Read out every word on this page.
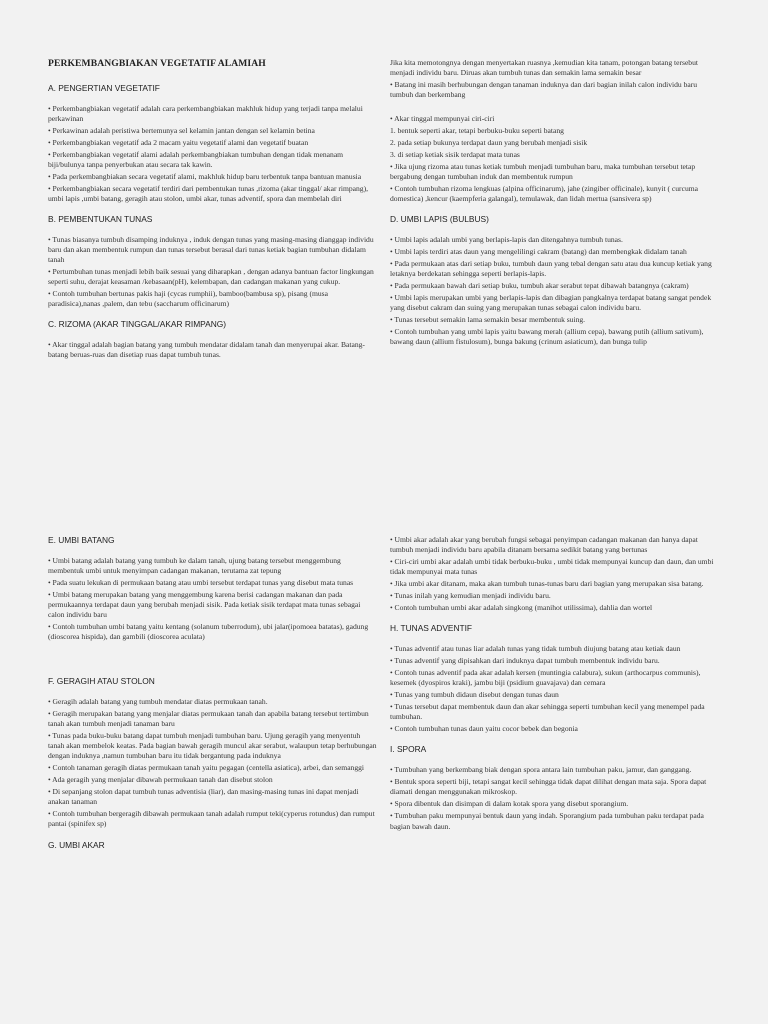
PERKEMBANGBIAKAN VEGETATIF ALAMIAH
A. PENGERTIAN VEGETATIF

• Perkembangbiakan vegetatif adalah cara perkembangbiakan makhluk hidup yang terjadi tanpa melalui perkawinan

• Perkawinan adalah peristiwa bertemunya sel kelamin jantan dengan sel kelamin betina

• Perkembangbiakan vegetatif ada 2 macam yaitu vegetatif alami dan vegetatif buatan

• Perkembangbiakan vegetatif alami adalah perkembangbiakan tumbuhan dengan tidak menanam biji/bulunya tanpa penyerbukan atau secara tak kawin.

• Pada perkembangbiakan secara vegetatif alami, makhluk hidup baru terbentuk tanpa bantuan manusia

• Perkembangbiakan secara vegetatif terdiri dari pembentukan tunas ,rizoma (akar tinggal/ akar rimpang), umbi lapis ,umbi batang, geragih atau stolon, umbi akar, tunas adventif, spora dan membelah diri

B. PEMBENTUKAN TUNAS

• Tunas biasanya tumbuh disamping induknya , induk dengan tunas yang masing-masing dianggap individu baru dan akan membentuk rumpun dan tunas tersebut berasal dari tunas ketiak bagian tumbuhan didalam tanah

• Pertumbuhan tunas menjadi lebih baik sesuai yang diharapkan , dengan adanya bantuan factor lingkungan seperti suhu, derajat keasaman /kebasaan(pH), kelembapan, dan cadangan makanan yang cukup.

• Contoh tumbuhan bertunas pakis haji (cycas rumphii), bamboo(bambusa sp), pisang (musa paradisica),nanas ,palem, dan tebu (saccharum officinarum)

C. RIZOMA (AKAR TINGGAL/AKAR RIMPANG)

• Akar tinggal adalah bagian batang yang tumbuh mendatar didalam tanah dan menyerupai akar. Batang-batang beruas-ruas dan disetiap ruas dapat tumbuh tunas.

Jika kita memotongnya dengan menyertakan ruasnya ,kemudian kita tanam, potongan batang tersebut menjadi individu baru. Diruas akan tumbuh tunas dan semakin lama semakin besar

• Batang ini masih berhubungan dengan tanaman induknya dan dari bagian inilah calon individu baru tumbuh dan berkembang

• Akar tinggal mempunyai ciri-ciri

1. bentuk seperti akar, tetapi berbuku-buku seperti batang

2. pada setiap bukunya terdapat daun yang berubah menjadi sisik

3. di setiap ketiak sisik terdapat mata tunas

• Jika ujung rizoma atau tunas ketiak tumbuh menjadi tumbuhan baru, maka tumbuhan tersebut tetap bergabung dengan tumbuhan induk dan membentuk rumpun

• Contoh tumbuhan rizoma lengkuas (alpina officinarum), jahe (zingiber officinale), kunyit ( curcuma domestica) ,kencur (kaempferia galangal), temulawak, dan lidah mertua (sansivera sp)

D. UMBI LAPIS (BULBUS)

• Umbi lapis adalah umbi yang berlapis-lapis dan ditengahnya tumbuh tunas.

• Umbi lapis terdiri atas daun yang mengelilingi cakram (batang) dan membengkak didalam tanah

• Pada permukaan atas dari setiap buku, tumbuh daun yang tebal dengan satu atau dua kuncup ketiak yang letaknya berdekatan sehingga seperti berlapis-lapis.

• Pada permukaan bawah dari setiap buku, tumbuh akar serabut tepat dibawah batangnya (cakram)

• Umbi lapis merupakan umbi yang berlapis-lapis dan dibagian pangkalnya terdapat batang sangat pendek yang disebut cakram dan suing yang merupakan tunas sebagai calon individu baru.

• Tunas tersebut semakin lama semakin besar membentuk suing.

• Contoh tumbuhan yang umbi lapis yaitu bawang merah (allium cepa), bawang putih (allium sativum), bawang daun (allium fistulosum), bunga bakung (crinum asiaticum), dan bunga tulip

E. UMBI BATANG

• Umbi batang adalah batang yang tumbuh ke dalam tanah, ujung batang tersebut menggembung membentuk umbi untuk menyimpan cadangan makanan, terutama zat tepung

• Pada suatu lekukan di permukaan batang atau umbi tersebut terdapat tunas yang disebut mata tunas

• Umbi batang merupakan batang yang menggembung karena berisi cadangan makanan dan pada permukaannya terdapat daun yang berubah menjadi sisik. Pada ketiak sisik terdapat mata tunas sebagai calon individu baru

• Contoh tumbuhan umbi batang yaitu kentang (solanum tuberrodum), ubi jalar(ipomoea batatas), gadung (dioscorea hispida), dan gambili (dioscorea aculata)

F. GERAGIH ATAU STOLON

• Geragih adalah batang yang tumbuh mendatar diatas permukaan tanah.

• Geragih merupakan batang yang menjalar diatas permukaan tanah dan apabila batang tersebut tertimbun tanah akan tumbuh menjadi tanaman baru

• Tunas pada buku-buku batang dapat tumbuh menjadi tumbuhan baru. Ujung geragih yang menyentuh tanah akan membelok keatas. Pada bagian bawah geragih muncul akar serabut, walaupun tetap berhubungan dengan induknya ,namun tumbuhan baru itu tidak bergantung pada induknya

• Contoh tanaman geragih diatas permukaan tanah yaitu pegagan (centella asiatica), arbei, dan semanggi

• Ada geragih yang menjalar dibawah permukaan tanah dan disebut stolon

• Di sepanjang stolon dapat tumbuh tunas adventisia (liar), dan masing-masing tunas ini dapat menjadi anakan tanaman

• Contoh tumbuhan bergeragih dibawah permukaan tanah adalah rumput teki(cyperus rotundus) dan rumput pantai (spinifex sp)

G. UMBI AKAR

• Umbi akar adalah akar yang berubah fungsi sebagai penyimpan cadangan makanan dan hanya dapat tumbuh menjadi individu baru apabila ditanam bersama sedikit batang yang bertunas

• Ciri-ciri umbi akar adalah umbi tidak berbuku-buku , umbi tidak mempunyai kuncup dan daun, dan umbi tidak mempunyai mata tunas

• Jika umbi akar ditanam, maka akan tumbuh tunas-tunas baru dari bagian yang merupakan sisa batang.

• Tunas inilah yang kemudian menjadi individu baru.

• Contoh tumbuhan umbi akar adalah singkong (manihot utilissima), dahlia dan wortel

H. TUNAS ADVENTIF

• Tunas adventif atau tunas liar adalah tunas yang tidak tumbuh diujung batang atau ketiak daun

• Tunas adventif yang dipisahkan dari induknya dapat tumbuh membentuk individu baru.

• Contoh tunas adventif pada akar adalah kersen (muntingia calabura), sukun (arthocarpus communis), kesemek (dyospiros kraki), jambu biji (psidium guavajava) dan cemara

• Tunas yang tumbuh didaun disebut dengan tunas daun

• Tunas tersebut dapat membentuk daun dan akar sehingga seperti tumbuhan kecil yang menempel pada tumbuhan.

• Contoh tumbuhan tunas daun yaitu cocor bebek dan begonia

I. SPORA

• Tumbuhan yang berkembang biak dengan spora antara lain tumbuhan paku, jamur, dan ganggang.

• Bentuk spora seperti biji, tetapi sangat kecil sehingga tidak dapat dilihat dengan mata saja. Spora dapat diamati dengan menggunakan mikroskop.

• Spora dibentuk dan disimpan di dalam kotak spora yang disebut sporangium.

• Tumbuhan paku mempunyai bentuk daun yang indah. Sporangium pada tumbuhan paku terdapat pada bagian bawah daun.
